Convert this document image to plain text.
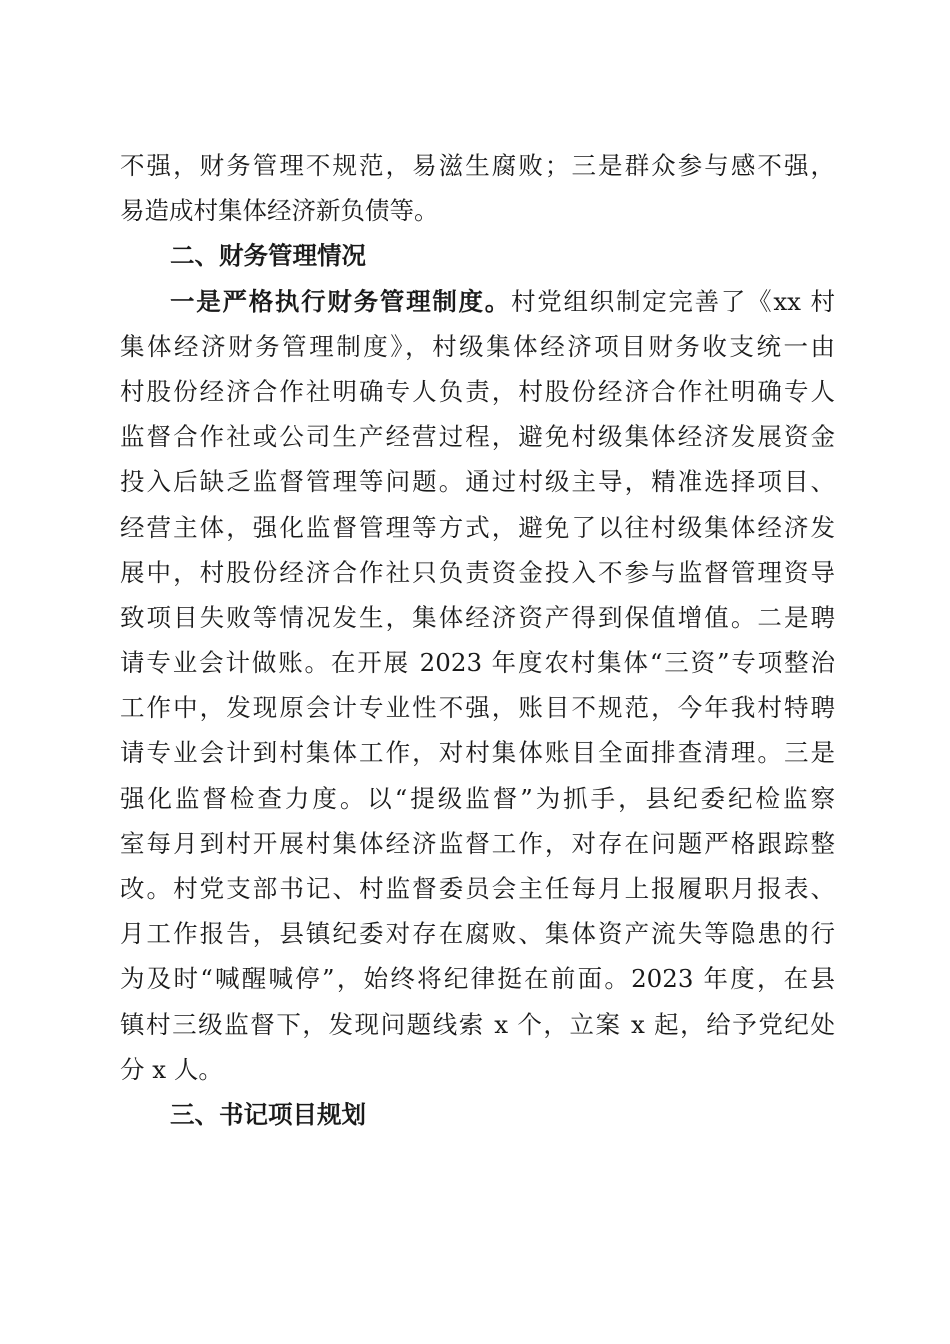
不强，财务管理不规范，易滋生腐败；三是群众参与感不强，
易造成村集体经济新负债等。
二、财务管理情况
一是严格执行财务管理制度。村党组织制定完善了《xx 村
集体经济财务管理制度》，村级集体经济项目财务收支统一由
村股份经济合作社明确专人负责，村股份经济合作社明确专人
监督合作社或公司生产经营过程，避免村级集体经济发展资金
投入后缺乏监督管理等问题。通过村级主导，精准选择项目、
经营主体，强化监督管理等方式，避免了以往村级集体经济发
展中，村股份经济合作社只负责资金投入不参与监督管理资导
致项目失败等情况发生，集体经济资产得到保值增值。二是聘
请专业会计做账。在开展 2023 年度农村集体“三资”专项整治
工作中，发现原会计专业性不强，账目不规范，今年我村特聘
请专业会计到村集体工作，对村集体账目全面排查清理。三是
强化监督检查力度。以“提级监督”为抓手，县纪委纪检监察
室每月到村开展村集体经济监督工作，对存在问题严格跟踪整
改。村党支部书记、村监督委员会主任每月上报履职月报表、
月工作报告，县镇纪委对存在腐败、集体资产流失等隐患的行
为及时“喊醒喊停”，始终将纪律挺在前面。2023 年度，在县
镇村三级监督下，发现问题线索 x 个，立案 x 起，给予党纪处
分 x 人。
三、书记项目规划
